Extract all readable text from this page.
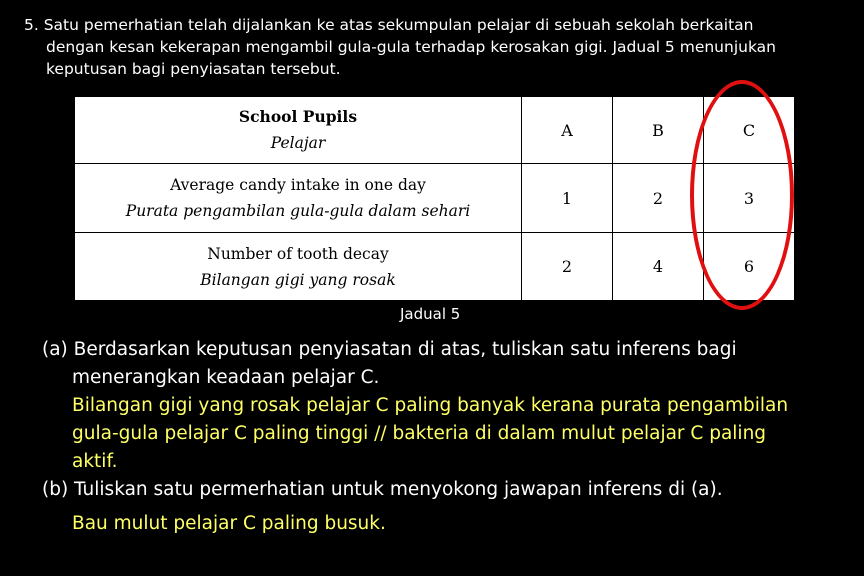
5. Satu pemerhatian telah dijalankan ke atas sekumpulan pelajar di sebuah sekolah berkaitan
dengan kesan kekerapan mengambil gula-gula terhadap kerosakan gigi. Jadual 5 menunjukan
keputusan bagi penyiasatan tersebut.
School Pupils
Pelajar	A	B	C

Average candy intake in one day
Purata pengambilan gula-gula dalam sehari	1	2	3

Number of tooth decay
Bilangan gigi yang rosak	2	4	6
Jadual 5
(a) Berdasarkan keputusan penyiasatan di atas, tuliskan satu inferens bagi
menerangkan keadaan pelajar C.
Bilangan gigi yang rosak pelajar C paling banyak kerana purata pengambilan
gula-gula pelajar C paling tinggi // bakteria di dalam mulut pelajar C paling
aktif.
(b) Tuliskan satu permerhatian untuk menyokong jawapan inferens di (a).
Bau mulut pelajar C paling busuk.
